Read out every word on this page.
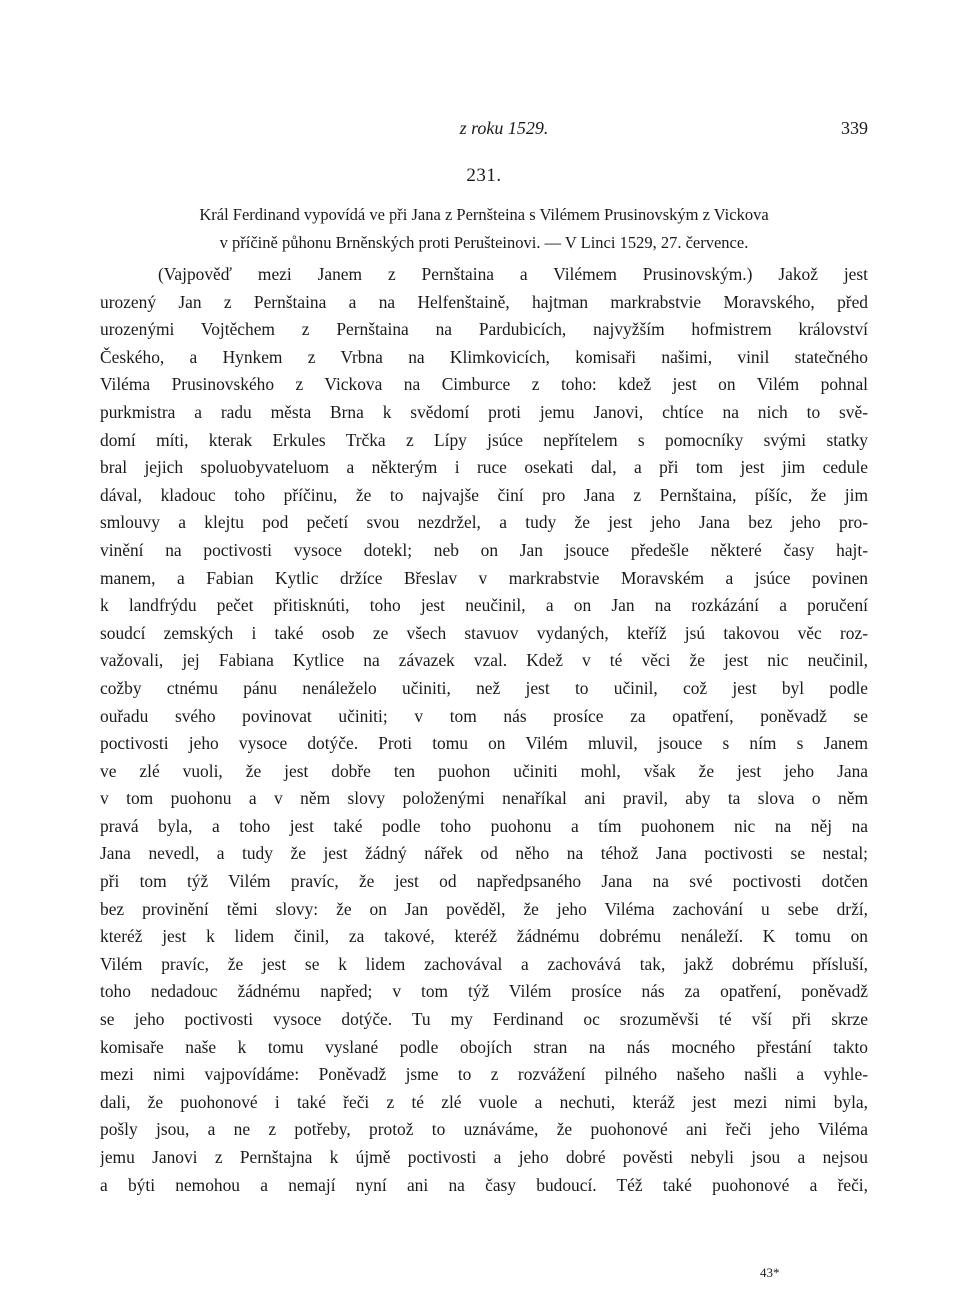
z roku 1529.	339
231.
Král Ferdinand vypovídá ve při Jana z Pernšteina s Vilémem Prusinovským z Vickova
v příčině půhonu Brněnských proti Perušteinovi. — V Linci 1529, 27. července.
(Vajpověď mezi Janem z Pernštaina a Vilémem Prusinovským.) Jakož jest
urozený Jan z Pernštaina a na Helfenštaině, hajtman markrabstvie Moravského, před
urozenými Vojtěchem z Pernštaina na Pardubicích, najvyžším hofmistrem království
Českého, a Hynkem z Vrbna na Klimkovicích, komisaři našimi, vinil statečného
Viléma Prusinovského z Vickova na Cimburce z toho: kdež jest on Vilém pohnal
purkmistra a radu města Brna k svědomí proti jemu Janovi, chtíce na nich to svě-
domí míti, kterak Erkules Trčka z Lípy jsúce nepřítelem s pomocníky svými statky
bral jejich spoluobyvateluom a některým i ruce osekati dal, a při tom jest jim cedule
dával, kladouc toho příčinu, že to najvajše činí pro Jana z Pernštaina, píšíc, že jim
smlouvy a klejtu pod pečetí svou nezdržel, a tudy že jest jeho Jana bez jeho pro-
vinění na poctivosti vysoce dotekl; neb on Jan jsouce předešle některé časy hajt-
manem, a Fabian Kytlic držíce Břeslav v markrabstvie Moravském a jsúce povinen
k landfrýdu pečet přitisknúti, toho jest neučinil, a on Jan na rozkázání a poručení
soudcí zemských i také osob ze všech stavuov vydaných, kteříž jsú takovou věc roz-
važovali, jej Fabiana Kytlice na závazek vzal. Kdež v té věci že jest nic neučinil,
cožby ctnému pánu nenáleželo učiniti, než jest to učinil, což jest byl podle
ouřadu svého povinovat učiniti; v tom nás prosíce za opatření, poněvadž se
poctivosti jeho vysoce dotýče. Proti tomu on Vilém mluvil, jsouce s ním s Janem
ve zlé vuoli, že jest dobře ten puohon učiniti mohl, však že jest jeho Jana
v tom puohonu a v něm slovy položenými nenaříkal ani pravil, aby ta slova o něm
pravá byla, a toho jest také podle toho puohonu a tím puohonem nic na něj na
Jana nevedl, a tudy že jest žádný nářek od něho na téhož Jana poctivosti se nestal;
při tom týž Vilém pravíc, že jest od napředpsaného Jana na své poctivosti dotčen
bez provinění těmi slovy: že on Jan pověděl, že jeho Viléma zachování u sebe drží,
kteréž jest k lidem činil, za takové, kteréž žádnému dobrému nenáleží. K tomu on
Vilém pravíc, že jest se k lidem zachovával a zachovává tak, jakž dobrému přísluší,
toho nedadouc žádnému napřed; v tom týž Vilém prosíce nás za opatření, poněvadž
se jeho poctivosti vysoce dotýče. Tu my Ferdinand oc srozuměvši té vší při skrze
komisaře naše k tomu vyslané podle obojích stran na nás mocného přestání takto
mezi nimi vajpovídáme: Poněvadž jsme to z rozvážení pilného našeho našli a vyhle-
dali, že puohonové i také řeči z té zlé vuole a nechuti, kteráž jest mezi nimi byla,
pošly jsou, a ne z potřeby, protož to uznáváme, že puohonové ani řeči jeho Viléma
jemu Janovi z Pernštajna k újmě poctivosti a jeho dobré pověsti nebyli jsou a nejsou
a býti nemohou a nemají nyní ani na časy budoucí. Též také puohonové a řeči,
43*
